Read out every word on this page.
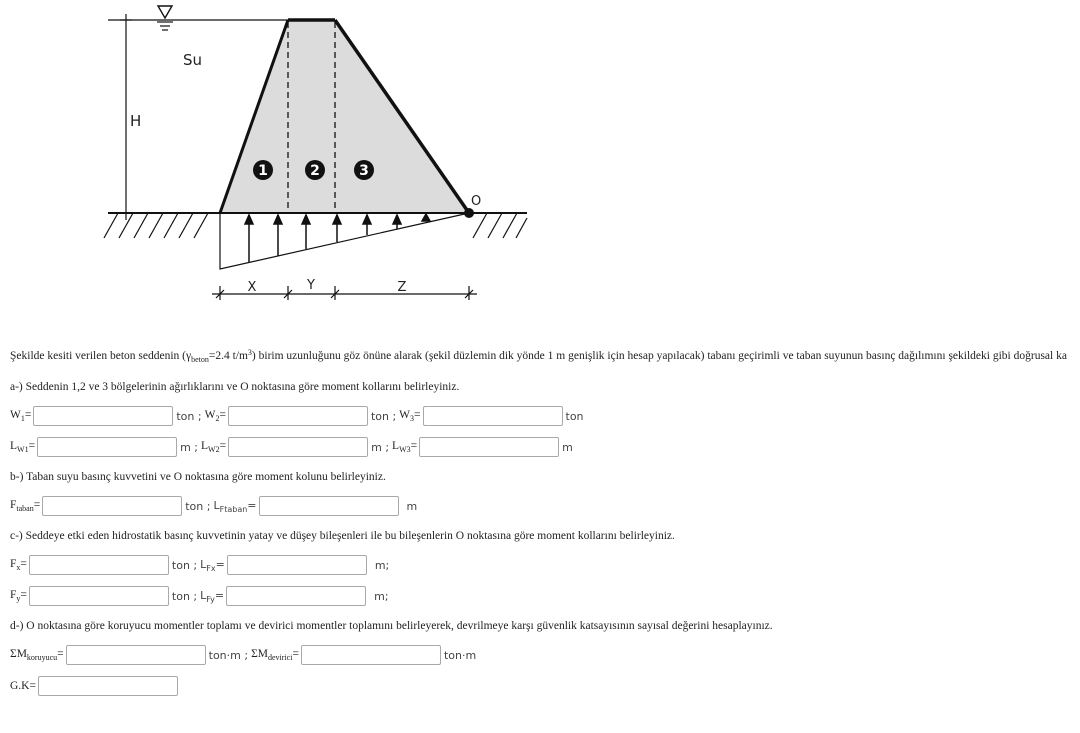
1	2	3
Su
H
O
X	Y	Z
Şekilde kesiti verilen beton seddenin ($\gamma_{beton}=2.4$ $t/m^3$) birim uzunluğunu göz önüne alarak (şekil düzlemin dik yönde 1 m genişlik için hesap yapılacak) tabanı geçirimli ve taban suyunun basınç dağılımını şekildeki gibi doğrusal ka
a-) Seddenin 1,2 ve 3 bölgelerinin ağırlıklarını ve O noktasına göre moment kollarını belirleyiniz.
$W_1=$	ton ; $W_2=$	ton ; $W_3=$	ton
$L_{W1}=$	m ; $L_{W2}=$	m ; $L_{W3}=$	m
b-) Taban suyu basınç kuvvetini ve O noktasına göre moment kolunu belirleyiniz.
$F_{taban}=$	ton ; $L_{Ftaban}=$	m
c-) Seddeye etki eden hidrostatik basınç kuvvetinin yatay ve düşey bileşenleri ile bu bileşenlerin O noktasına göre moment kollarını belirleyiniz.
$F_x=$	ton ; $L_{Fx}=$	m;
$F_y=$	ton ; $L_{Fy}=$	m;
d-) O noktasına göre koruyucu momentler toplamı ve devirici momentler toplamını belirleyerek, devrilmeye karşı güvenlik katsayısının sayısal değerini hesaplayınız.
$\Sigma M_{koruyucu}=$	ton·m ; $\Sigma M_{devirici}=$	ton·m
G.K=
